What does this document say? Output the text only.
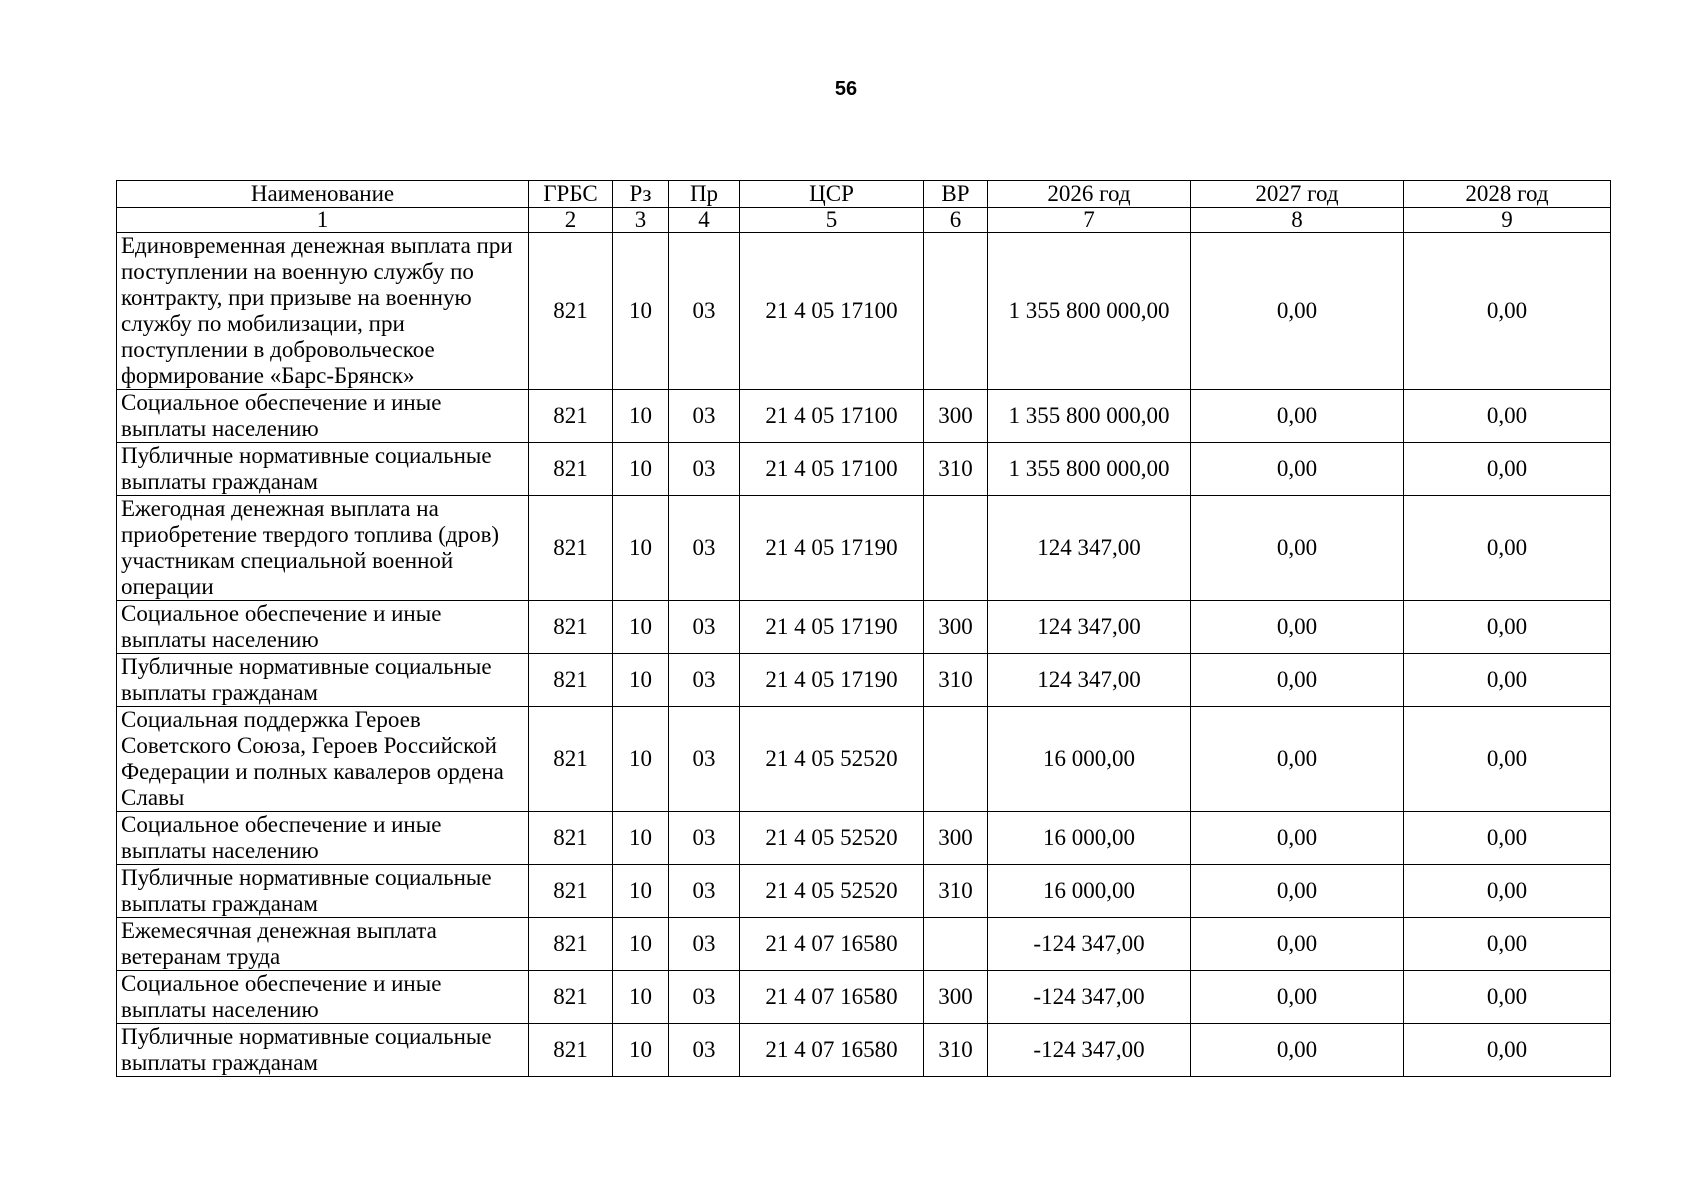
56
Наименование	ГРБС	Рз	Пр	ЦСР	ВР	2026 год	2027 год	2028 год
1	2	3	4	5	6	7	8	9
Единовременная денежная выплата при поступлении на военную службу по контракту, при призыве на военную службу по мобилизации, при поступлении в добровольческое формирование «Барс-Брянск»	821	10	03	21 4 05 17100		1 355 800 000,00	0,00	0,00
Социальное обеспечение и иные выплаты населению	821	10	03	21 4 05 17100	300	1 355 800 000,00	0,00	0,00
Публичные нормативные социальные выплаты гражданам	821	10	03	21 4 05 17100	310	1 355 800 000,00	0,00	0,00
Ежегодная денежная выплата на приобретение твердого топлива (дров) участникам специальной военной операции	821	10	03	21 4 05 17190		124 347,00	0,00	0,00
Социальное обеспечение и иные выплаты населению	821	10	03	21 4 05 17190	300	124 347,00	0,00	0,00
Публичные нормативные социальные выплаты гражданам	821	10	03	21 4 05 17190	310	124 347,00	0,00	0,00
Социальная поддержка Героев Советского Союза, Героев Российской Федерации и полных кавалеров ордена Славы	821	10	03	21 4 05 52520		16 000,00	0,00	0,00
Социальное обеспечение и иные выплаты населению	821	10	03	21 4 05 52520	300	16 000,00	0,00	0,00
Публичные нормативные социальные выплаты гражданам	821	10	03	21 4 05 52520	310	16 000,00	0,00	0,00
Ежемесячная денежная выплата ветеранам труда	821	10	03	21 4 07 16580		-124 347,00	0,00	0,00
Социальное обеспечение и иные выплаты населению	821	10	03	21 4 07 16580	300	-124 347,00	0,00	0,00
Публичные нормативные социальные выплаты гражданам	821	10	03	21 4 07 16580	310	-124 347,00	0,00	0,00
